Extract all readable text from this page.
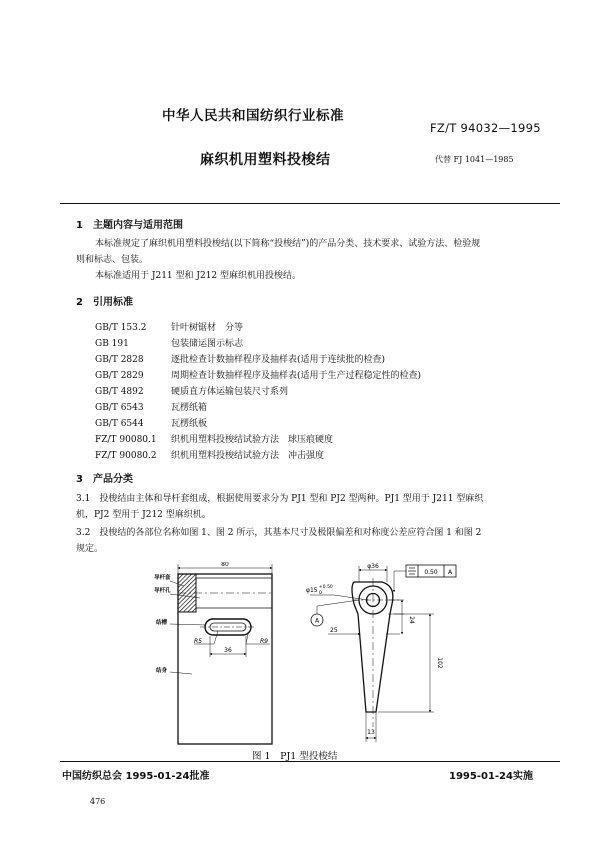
中华人民共和国纺织行业标准
FZ/T 94032—1995
麻织机用塑料投梭结	代替 FJ 1041—1985
1　主题内容与适用范围
本标准规定了麻织机用塑料投梭结(以下简称“投梭结”)的产品分类、技术要求、试验方法、检验规
则和标志、包装。
本标准适用于 J211 型和 J212 型麻织机用投梭结。
2　引用标准
GB/T 153.2	针叶树锯材　分等
GB 191	包装储运图示标志
GB/T 2828	逐批检查计数抽样程序及抽样表(适用于连续批的检查)
GB/T 2829	周期检查计数抽样程序及抽样表(适用于生产过程稳定性的检查)
GB/T 4892	硬质直方体运输包装尺寸系列
GB/T 6543	瓦楞纸箱
GB/T 6544	瓦楞纸板
FZ/T 90080.1 织机用塑料投梭结试验方法　球压痕硬度
FZ/T 90080.2 织机用塑料投梭结试验方法　冲击强度
3　产品分类
3.1　投梭结由主体和导杆套组成，根据使用要求分为 PJ1 型和 PJ2 型两种。PJ1 型用于 J211 型麻织
机，PJ2 型用于 J212 型麻织机。
3.2　投梭结的各部位名称如图 1、图 2 所示，其基本尺寸及极限偏差和对称度公差应符合图 1 和图 2
规定。
80
导杆套
导杆孔
结槽
结身
R5	R9
36
φ36
0.50 A
φ15 +0.50
0
A
25
24
102
13
图 1　PJ1 型投梭结
中国纺织总会 1995-01-24批准	1995-01-24实施
476
